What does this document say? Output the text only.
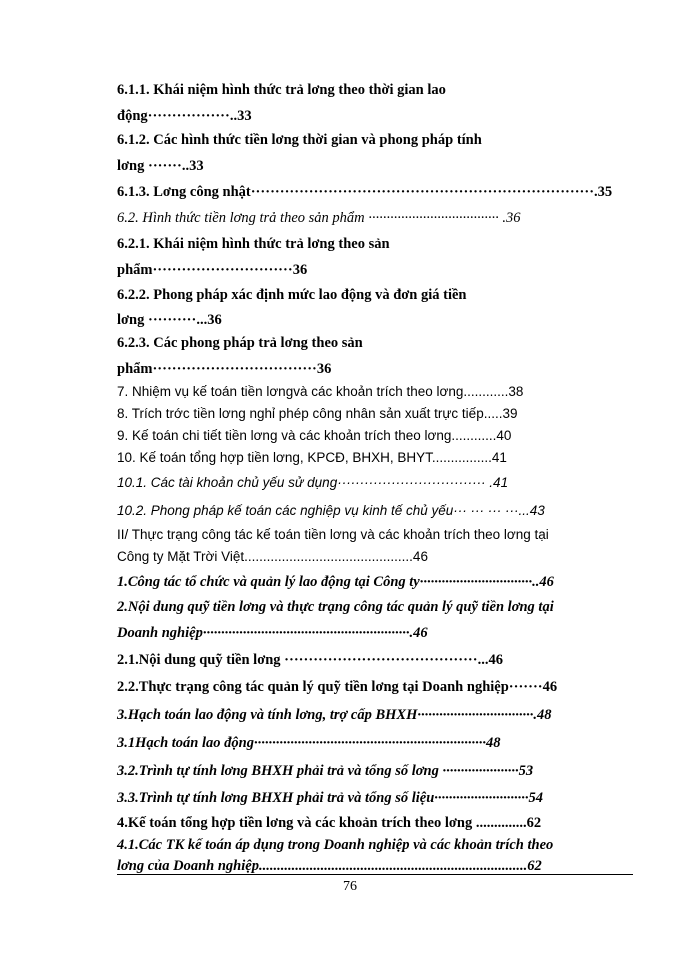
6.1.1. Khái niệm hình thức trả lơng theo thời gian lao
động·················..33
6.1.2. Các hình thức tiền lơng thời gian và phong pháp tính
lơng ·······..33
6.1.3. Lơng công nhật·······································································.35
6.2. Hình thức tiền lơng trả theo sản phẩm ···································· .36
6.2.1. Khái niệm hình thức trả lơng theo sản
phẩm·····························36
6.2.2. Phong pháp xác định mức lao động và đơn giá tiền
lơng ··········...36
6.2.3. Các phong pháp trả lơng theo sản
phẩm··································36
7. Nhiệm vụ kế toán tiền lơngvà các khoản trích theo lơng............38
8. Trích trớc tiền lơng nghỉ phép công nhân sản xuất trực tiếp.....39
9. Kế toán chi tiết tiền lơng và các khoản trích theo lơng............40
10. Kế toán tổng hợp tiền lơng, KPCĐ, BHXH, BHYT................41
10.1. Các tài khoản chủ yếu sử dụng································· .41
10.2. Phong pháp kế toán các nghiệp vụ kinh tế chủ yếu··· ··· ··· ···...43
II/ Thực trạng công tác kế toán tiền lơng và các khoản trích theo lơng tại
Công ty Mặt Trời Việt.............................................46
1.Công tác tổ chức và quản lý lao động tại Công ty·······························..46
2.Nội dung quỹ tiền lơng và thực trạng công tác quản lý quỹ tiền lơng tại
Doanh nghiệp·························································.46
2.1.Nội dung quỹ tiền lơng ········································...46
2.2.Thực trạng công tác quản lý quỹ tiền lơng tại Doanh nghiệp·······46
3.Hạch toán lao động và tính lơng, trợ cấp BHXH································.48
3.1Hạch toán lao động································································48
3.2.Trình tự tính lơng BHXH phải trả và tổng số lơng ·····················53
3.3.Trình tự tính lơng BHXH phải trả và tổng số liệu··························54
4.Kế toán tổng hợp tiền lơng và các khoản trích theo lơng ..............62
4.1.Các TK kế toán áp dụng trong Doanh nghiệp và các khoản trích theo
lơng của Doanh nghiệp..........................................................................62
76
